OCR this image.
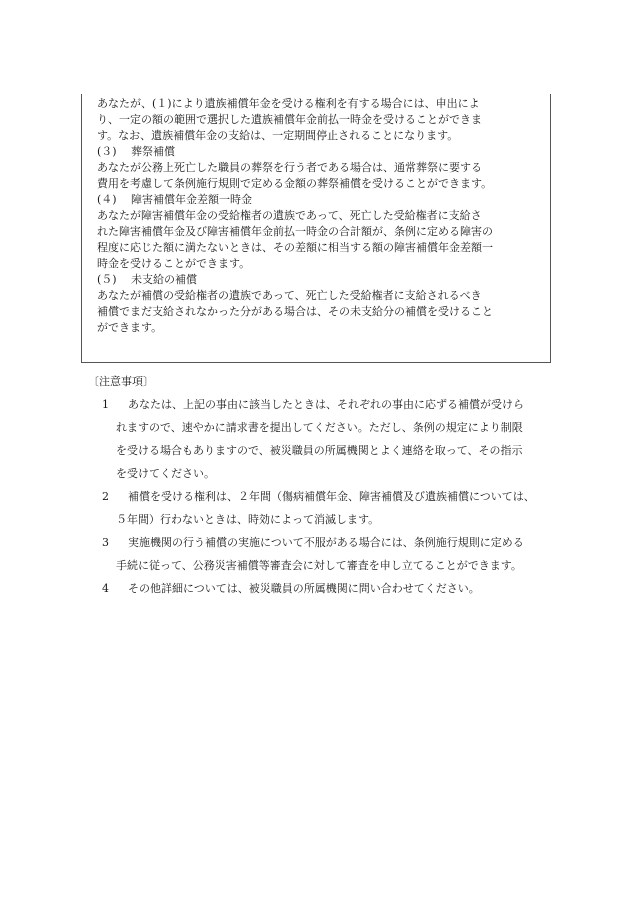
あなたが、(１)により遺族補償年金を受ける権利を有する場合には、申出によ

り、一定の額の範囲で選択した遺族補償年金前払一時金を受けることができま

す。なお、遺族補償年金の支給は、一定期間停止されることになります。

(３) 葬祭補償

あなたが公務上死亡した職員の葬祭を行う者である場合は、通常葬祭に要する

費用を考慮して条例施行規則で定める金額の葬祭補償を受けることができます。

(４) 障害補償年金差額一時金

あなたが障害補償年金の受給権者の遺族であって、死亡した受給権者に支給さ

れた障害補償年金及び障害補償年金前払一時金の合計額が、条例に定める障害の

程度に応じた額に満たないときは、その差額に相当する額の障害補償年金差額一

時金を受けることができます。

(５) 未支給の補償

あなたが補償の受給権者の遺族であって、死亡した受給権者に支給されるべき

補償でまだ支給されなかった分がある場合は、その未支給分の補償を受けること

ができます。

〔注意事項〕

1 あなたは、上記の事由に該当したときは、それぞれの事由に応ずる補償が受けら

れますので、速やかに請求書を提出してください。ただし、条例の規定により制限

を受ける場合もありますので、被災職員の所属機関とよく連絡を取って、その指示

を受けてください。

2 補償を受ける権利は、２年間（傷病補償年金、障害補償及び遺族補償については、

５年間）行わないときは、時効によって消滅します。

3 実施機関の行う補償の実施について不服がある場合には、条例施行規則に定める

手続に従って、公務災害補償等審査会に対して審査を申し立てることができます。

4 その他詳細については、被災職員の所属機関に問い合わせてください。
